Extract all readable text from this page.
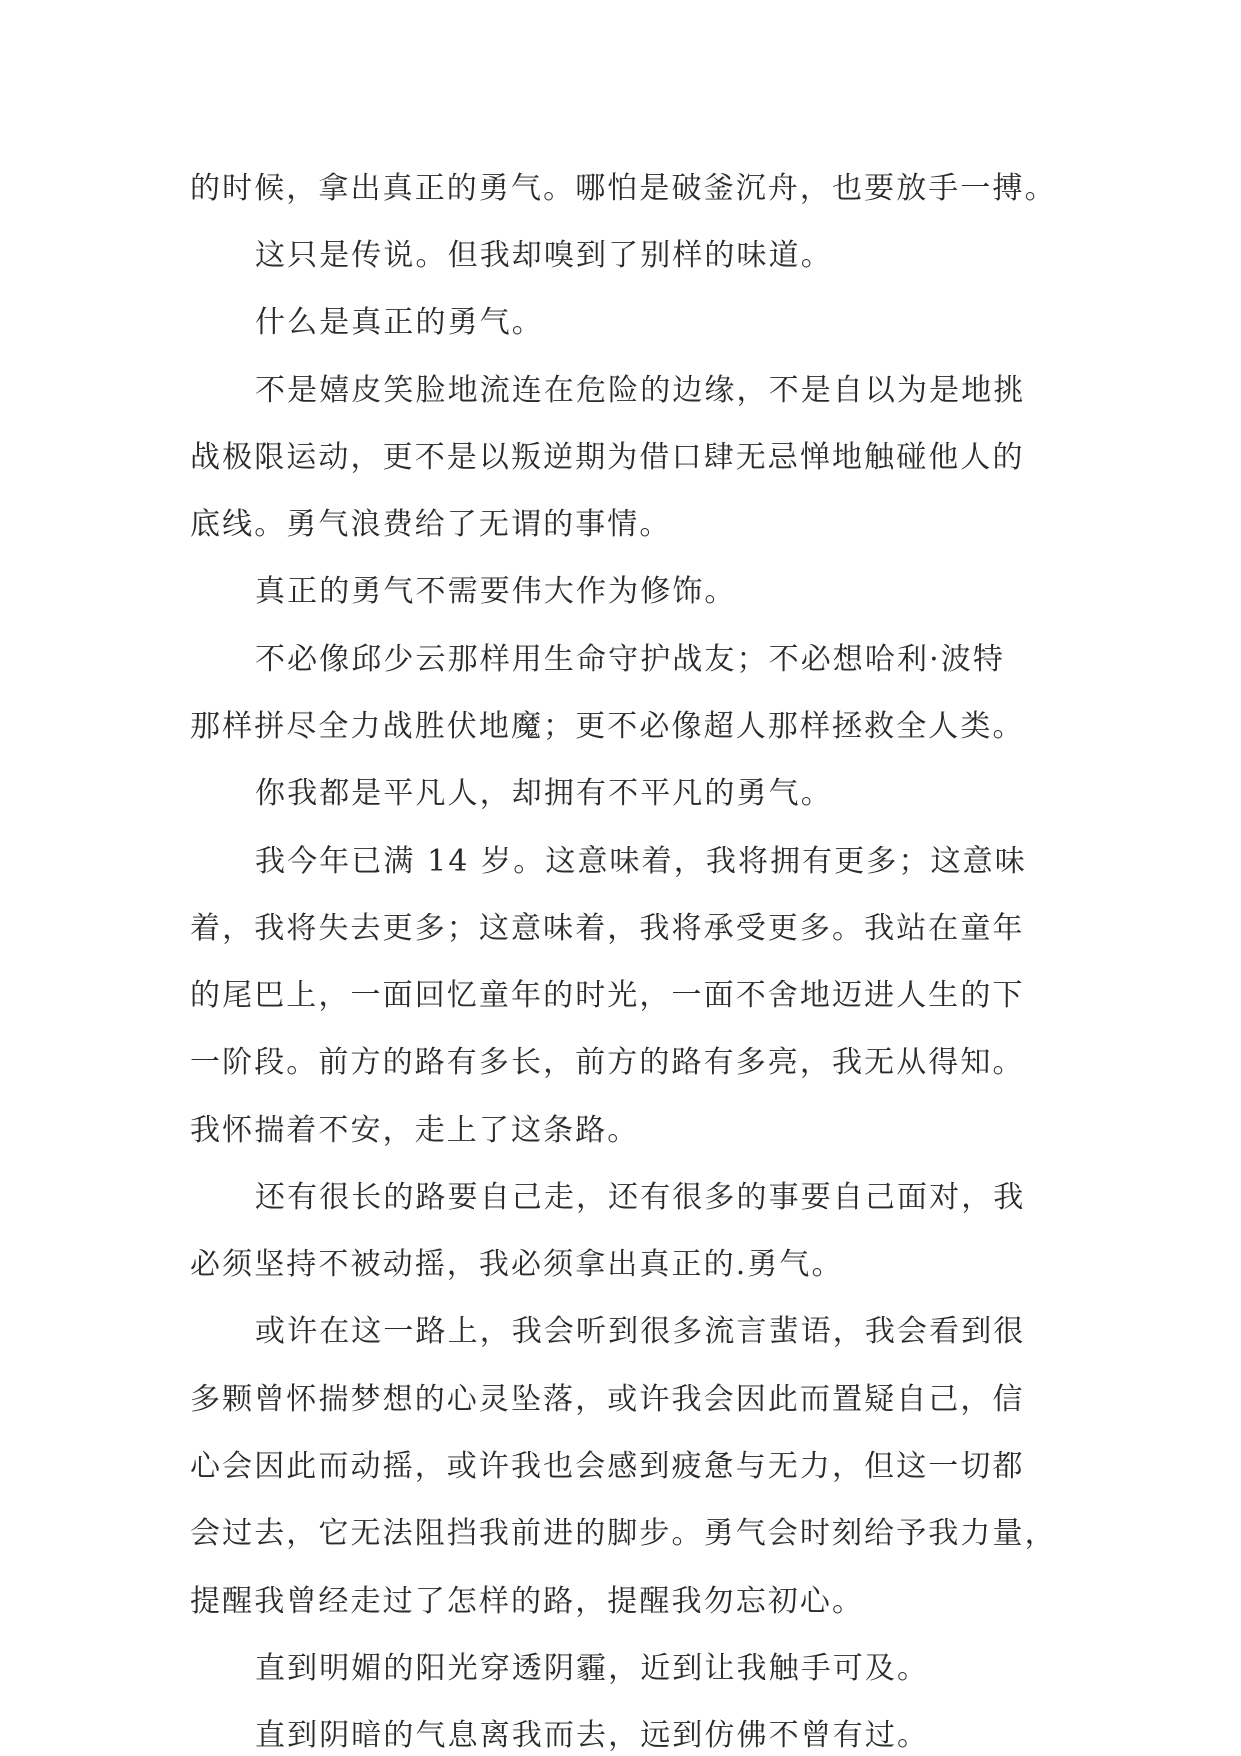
的时候，拿出真正的勇气。哪怕是破釜沉舟，也要放手一搏。
这只是传说。但我却嗅到了别样的味道。
什么是真正的勇气。
不是嬉皮笑脸地流连在危险的边缘，不是自以为是地挑
战极限运动，更不是以叛逆期为借口肆无忌惮地触碰他人的
底线。勇气浪费给了无谓的事情。
真正的勇气不需要伟大作为修饰。
不必像邱少云那样用生命守护战友；不必想哈利·波特
那样拼尽全力战胜伏地魔；更不必像超人那样拯救全人类。
你我都是平凡人，却拥有不平凡的勇气。
我今年已满 14 岁。这意味着，我将拥有更多；这意味
着，我将失去更多；这意味着，我将承受更多。我站在童年
的尾巴上，一面回忆童年的时光，一面不舍地迈进人生的下
一阶段。前方的路有多长，前方的路有多亮，我无从得知。
我怀揣着不安，走上了这条路。
还有很长的路要自己走，还有很多的事要自己面对，我
必须坚持不被动摇，我必须拿出真正的.勇气。
或许在这一路上，我会听到很多流言蜚语，我会看到很
多颗曾怀揣梦想的心灵坠落，或许我会因此而置疑自己，信
心会因此而动摇，或许我也会感到疲惫与无力，但这一切都
会过去，它无法阻挡我前进的脚步。勇气会时刻给予我力量，
提醒我曾经走过了怎样的路，提醒我勿忘初心。
直到明媚的阳光穿透阴霾，近到让我触手可及。
直到阴暗的气息离我而去，远到仿佛不曾有过。
